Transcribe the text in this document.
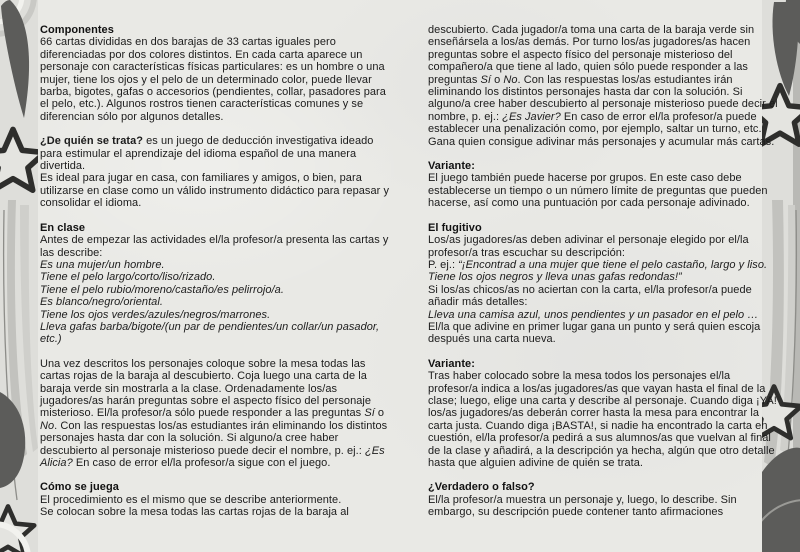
Componentes

66 cartas divididas en dos barajas de 33 cartas iguales pero diferenciadas por dos colores distintos. En cada carta aparece un personaje con características físicas particulares: es un hombre o una mujer, tiene los ojos y el pelo de un determinado color, puede llevar barba, bigotes, gafas o accesorios (pendientes, collar, pasadores para el pelo, etc.). Algunos rostros tienen características comunes y se diferencian sólo por algunos detalles.

¿De quién se trata? es un juego de deducción investigativa ideado para estimular el aprendizaje del idioma español de una manera divertida.

Es ideal para jugar en casa, con familiares y amigos, o bien, para utilizarse en clase como un válido instrumento didáctico para repasar y consolidar el idioma.

En clase

Antes de empezar las actividades el/la profesor/a presenta las cartas y las describe:

Es una mujer/un hombre.

Tiene el pelo largo/corto/liso/rizado.

Tiene el pelo rubio/moreno/castaño/es pelirrojo/a.

Es blanco/negro/oriental.

Tiene los ojos verdes/azules/negros/marrones.

Lleva gafas barba/bigote/(un par de pendientes/un collar/un pasador, etc.)

Una vez descritos los personajes coloque sobre la mesa todas las cartas rojas de la baraja al descubierto. Coja luego una carta de la baraja verde sin mostrarla a la clase. Ordenadamente los/as jugadores/as harán preguntas sobre el aspecto físico del personaje misterioso. El/la profesor/a sólo puede responder a las preguntas Sí o No. Con las respuestas los/as estudiantes irán eliminando los distintos personajes hasta dar con la solución. Si alguno/a cree haber descubierto al personaje misterioso puede decir el nombre, p. ej.: ¿Es Alicia? En caso de error el/la profesor/a sigue con el juego.

Cómo se juega

El procedimiento es el mismo que se describe anteriormente.

Se colocan sobre la mesa todas las cartas rojas de la baraja al

descubierto. Cada jugador/a toma una carta de la baraja verde sin enseñársela a los/as demás. Por turno los/as jugadores/as hacen preguntas sobre el aspecto físico del personaje misterioso del compañero/a que tiene al lado, quien sólo puede responder a las preguntas Sí o No. Con las respuestas los/as estudiantes irán eliminando los distintos personajes hasta dar con la solución. Si alguno/a cree haber descubierto al personaje misterioso puede decir el nombre, p. ej.: ¿Es Javier? En caso de error el/la profesor/a puede establecer una penalización como, por ejemplo, saltar un turno, etc. Gana quien consigue adivinar más personajes y acumular más cartas.

Variante:

El juego también puede hacerse por grupos. En este caso debe establecerse un tiempo o un número límite de preguntas que pueden hacerse, así como una puntuación por cada personaje adivinado.

El fugitivo

Los/as jugadores/as deben adivinar el personaje elegido por el/la profesor/a tras escuchar su descripción:

P. ej.: “¡Encontrad a una mujer que tiene el pelo castaño, largo y liso. Tiene los ojos negros y lleva unas gafas redondas!”

Si los/as chicos/as no aciertan con la carta, el/la profesor/a puede añadir más detalles:

Lleva una camisa azul, unos pendientes y un pasador en el pelo …

El/la que adivine en primer lugar gana un punto y será quien escoja después una carta nueva.

Variante:

Tras haber colocado sobre la mesa todos los personajes el/la profesor/a indica a los/as jugadores/as que vayan hasta el final de la clase; luego, elige una carta y describe al personaje. Cuando diga ¡YA! los/as jugadores/as deberán correr hasta la mesa para encontrar la carta justa. Cuando diga ¡BASTA!, si nadie ha encontrado la carta en cuestión, el/la profesor/a pedirá a sus alumnos/as que vuelvan al final de la clase y añadirá, a la descripción ya hecha, algún que otro detalle hasta que alguien adivine de quién se trata.

¿Verdadero o falso?

El/la profesor/a muestra un personaje y, luego, lo describe. Sin embargo, su descripción puede contener tanto afirmaciones
